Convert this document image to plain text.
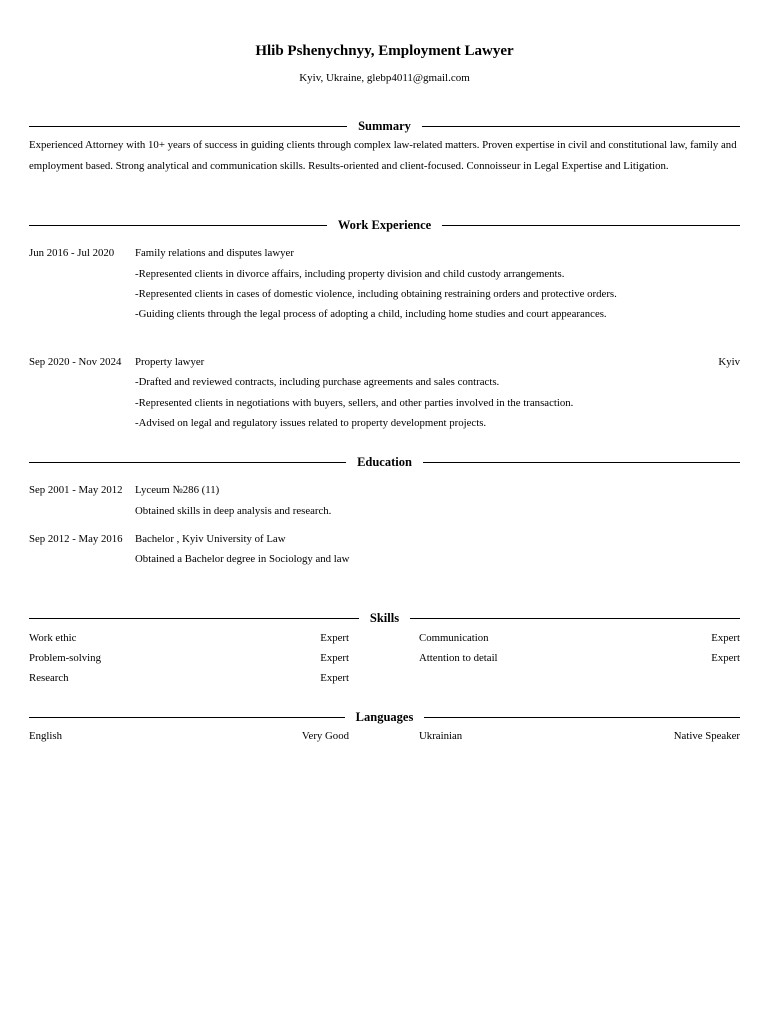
Hlib Pshenychnyy, Employment Lawyer
Kyiv, Ukraine, glebp4011@gmail.com
Summary
Experienced Attorney with 10+ years of success in guiding clients through complex law-related matters. Proven expertise in civil and constitutional law, family and employment based. Strong analytical and communication skills. Results-oriented and client-focused. Connoisseur in Legal Expertise and Litigation.
Work Experience
Jun 2016 - Jul 2020 Family relations and disputes lawyer
-Represented clients in divorce affairs, including property division and child custody arrangements.
-Represented clients in cases of domestic violence, including obtaining restraining orders and protective orders.
-Guiding clients through the legal process of adopting a child, including home studies and court appearances.
Sep 2020 - Nov 2024 Property lawyer	Kyiv
-Drafted and reviewed contracts, including purchase agreements and sales contracts.
-Represented clients in negotiations with buyers, sellers, and other parties involved in the transaction.
-Advised on legal and regulatory issues related to property development projects.
Education
Sep 2001 - May 2012 Lyceum №286 (11)
Obtained skills in deep analysis and research.
Sep 2012 - May 2016 Bachelor , Kyiv University of Law
Obtained a Bachelor degree in Sociology and law
Skills
Work ethic	Expert	Communication	Expert
Problem-solving	Expert	Attention to detail	Expert
Research	Expert
Languages
English	Very Good	Ukrainian	Native Speaker
